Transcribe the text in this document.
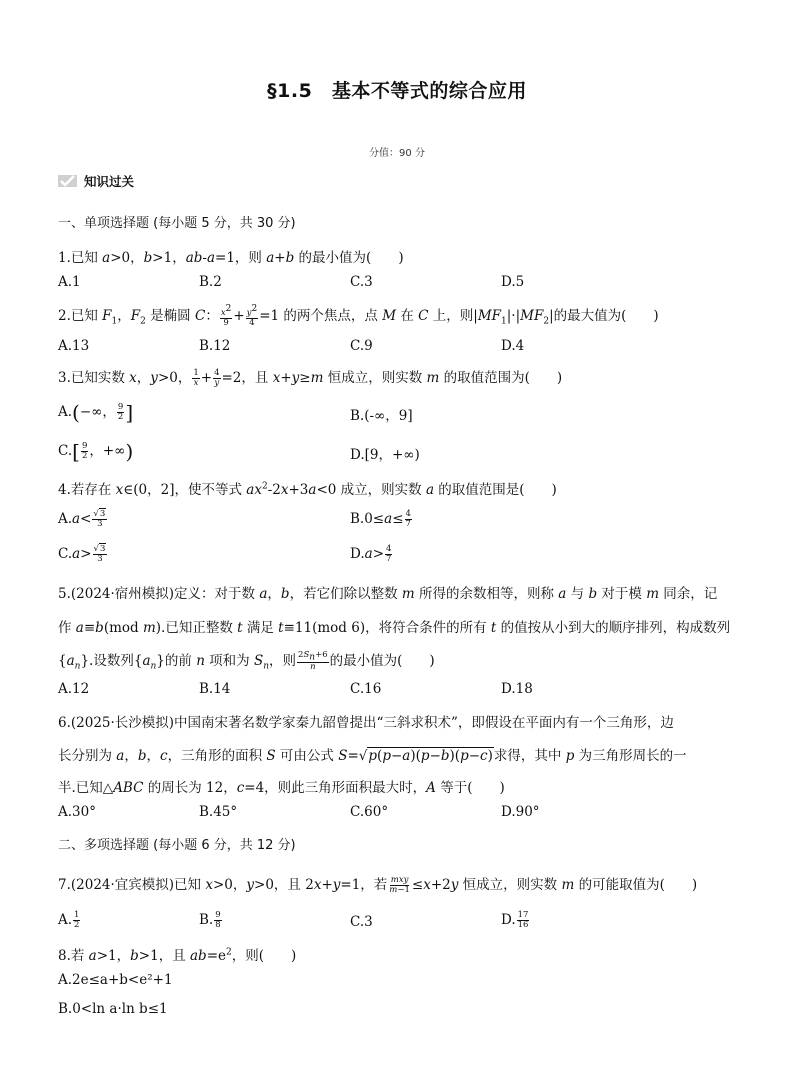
§1.5　基本不等式的综合应用
分值：90 分
知识过关
一、单项选择题 (每小题 5 分，共 30 分)
1.已知 a>0，b>1，ab-a=1，则 a+b 的最小值为(　　)
A.1	B.2	C.3	D.5
2.已知 $F_1$，$F_2$ 是椭圆 C： $\frac{x^2}{9} + \frac{y^2}{4} =1$ 的两个焦点，点 M 在 C 上，则$|MF_1|\cdot|MF_2|$的最大值为(　　)
A.13	B.12	C.9	D.4
3.已知实数 x，y>0， $\frac{1}{x} + \frac{4}{y} =2$，且 x+y≥m 恒成立，则实数 m 的取值范围为(　　)
A.(−∞， $\frac{9}{2}$ ]	B.(-∞，9]
$C.[ \frac{9}{2}$ ，+∞)	D.[9，+∞)
4.若存在 x∈(0，2]，使不等式 $ax^2-2x+3a<0$ 成立，则实数 a 的取值范围是(　　)
$A.a< \frac{√3}{3}$	$B.0\le a\le \frac{4}{7}$
$C.a> \frac{√3}{3}$	$D.a> \frac{4}{7}$
5.(2024·宿州模拟)定义：对于数 a，b，若它们除以整数 m 所得的余数相等，则称 a 与 b 对于模 m 同余，记
作 a≡b(mod m).已知正整数 t 满足 t≡11(mod 6)，将符合条件的所有 t 的值按从小到大的顺序排列，构成数列
$\{a_n\}$.设数列$\{a_n\}$的前 n 项和为 $S_n$，则 $\frac{2S_n+6}{n}$ 的最小值为(　　)
A.12	B.14	C.16	D.18
6.(2025·长沙模拟)中国南宋著名数学家秦九韶曾提出“三斜求积术”，即假设在平面内有一个三角形，边
长分别为 a，b，c，三角形的面积 S 可由公式 S=√p(p−a)(p−b)(p−c)求得，其中 p 为三角形周长的一
半.已知△ABC 的周长为 12，c=4，则此三角形面积最大时，A 等于(　　)
A.30°	B.45°	C.60°	D.90°
二、多项选择题 (每小题 6 分，共 12 分)
7.(2024·宜宾模拟)已知 x>0，y>0，且 2x+y=1，若 $\frac{\text{mxy}}{m-1} \le x+2y$ 恒成立，则实数 m 的可能取值为(　　)
A. $\frac{1}{2}$	B. $\frac{9}{8}$	C.3	D. $\frac{17}{16}$
8.若 a>1，b>1，且 $ab=e^2$，则(　　)
A.2e≤a+b<e²+1
B.0<ln a·ln b≤1
